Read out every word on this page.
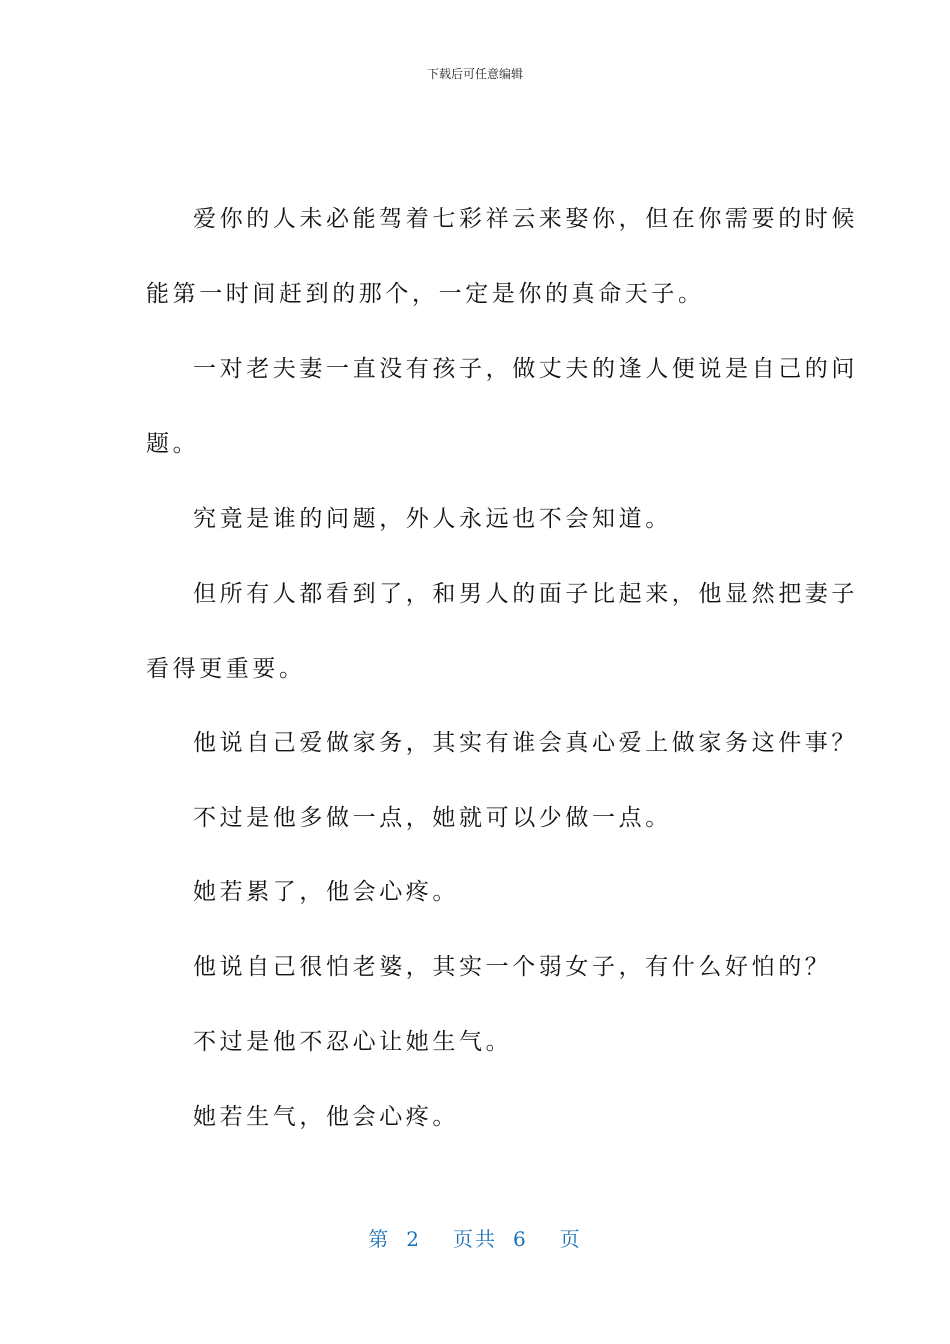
下载后可任意编辑
爱你的人未必能驾着七彩祥云来娶你，但在你需要的时候
能第一时间赶到的那个，一定是你的真命天子。
一对老夫妻一直没有孩子，做丈夫的逢人便说是自己的问
题。
究竟是谁的问题，外人永远也不会知道。
但所有人都看到了，和男人的面子比起来，他显然把妻子
看得更重要。
他说自己爱做家务，其实有谁会真心爱上做家务这件事？
不过是他多做一点，她就可以少做一点。
她若累了，他会心疼。
他说自己很怕老婆，其实一个弱女子，有什么好怕的？
不过是他不忍心让她生气。
她若生气，他会心疼。
第 2 页共 6 页
